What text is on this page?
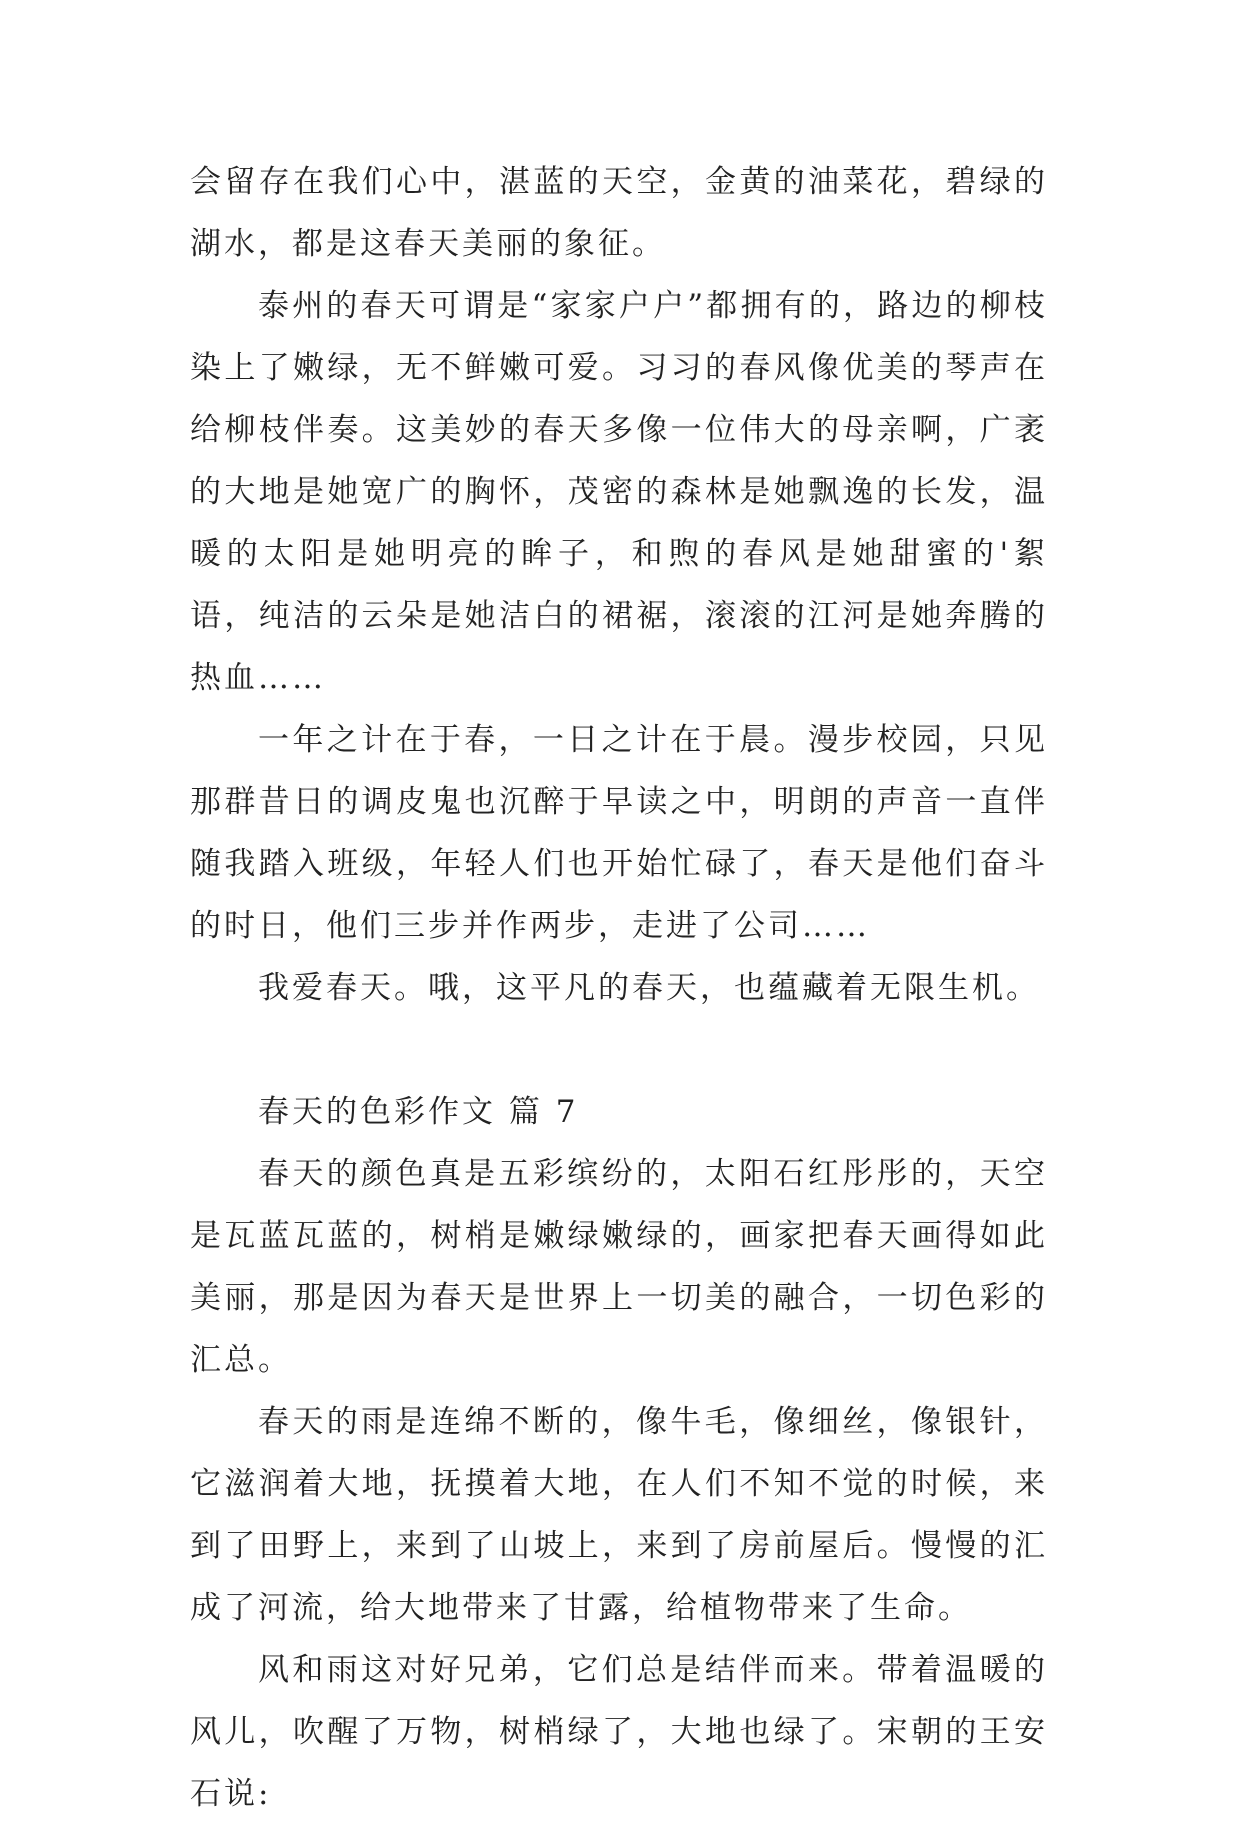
会留存在我们心中，湛蓝的天空，金黄的油菜花，碧绿的湖水，都是这春天美丽的象征。

泰州的春天可谓是“家家户户”都拥有的，路边的柳枝染上了嫩绿，无不鲜嫩可爱。习习的春风像优美的琴声在给柳枝伴奏。这美妙的春天多像一位伟大的母亲啊，广袤的大地是她宽广的胸怀，茂密的森林是她飘逸的长发，温暖的太阳是她明亮的眸子，和煦的春风是她甜蜜的'絮语，纯洁的云朵是她洁白的裙裾，滚滚的江河是她奔腾的热血……

一年之计在于春，一日之计在于晨。漫步校园，只见那群昔日的调皮鬼也沉醉于早读之中，明朗的声音一直伴随我踏入班级，年轻人们也开始忙碌了，春天是他们奋斗的时日，他们三步并作两步，走进了公司……

我爱春天。哦，这平凡的春天，也蕴藏着无限生机。

春天的色彩作文 篇 7

春天的颜色真是五彩缤纷的，太阳石红彤彤的，天空是瓦蓝瓦蓝的，树梢是嫩绿嫩绿的，画家把春天画得如此美丽，那是因为春天是世界上一切美的融合，一切色彩的汇总。

春天的雨是连绵不断的，像牛毛，像细丝，像银针，它滋润着大地，抚摸着大地，在人们不知不觉的时候，来到了田野上，来到了山坡上，来到了房前屋后。慢慢的汇成了河流，给大地带来了甘露，给植物带来了生命。

风和雨这对好兄弟，它们总是结伴而来。带着温暖的风儿，吹醒了万物，树梢绿了，大地也绿了。宋朝的王安石说:
